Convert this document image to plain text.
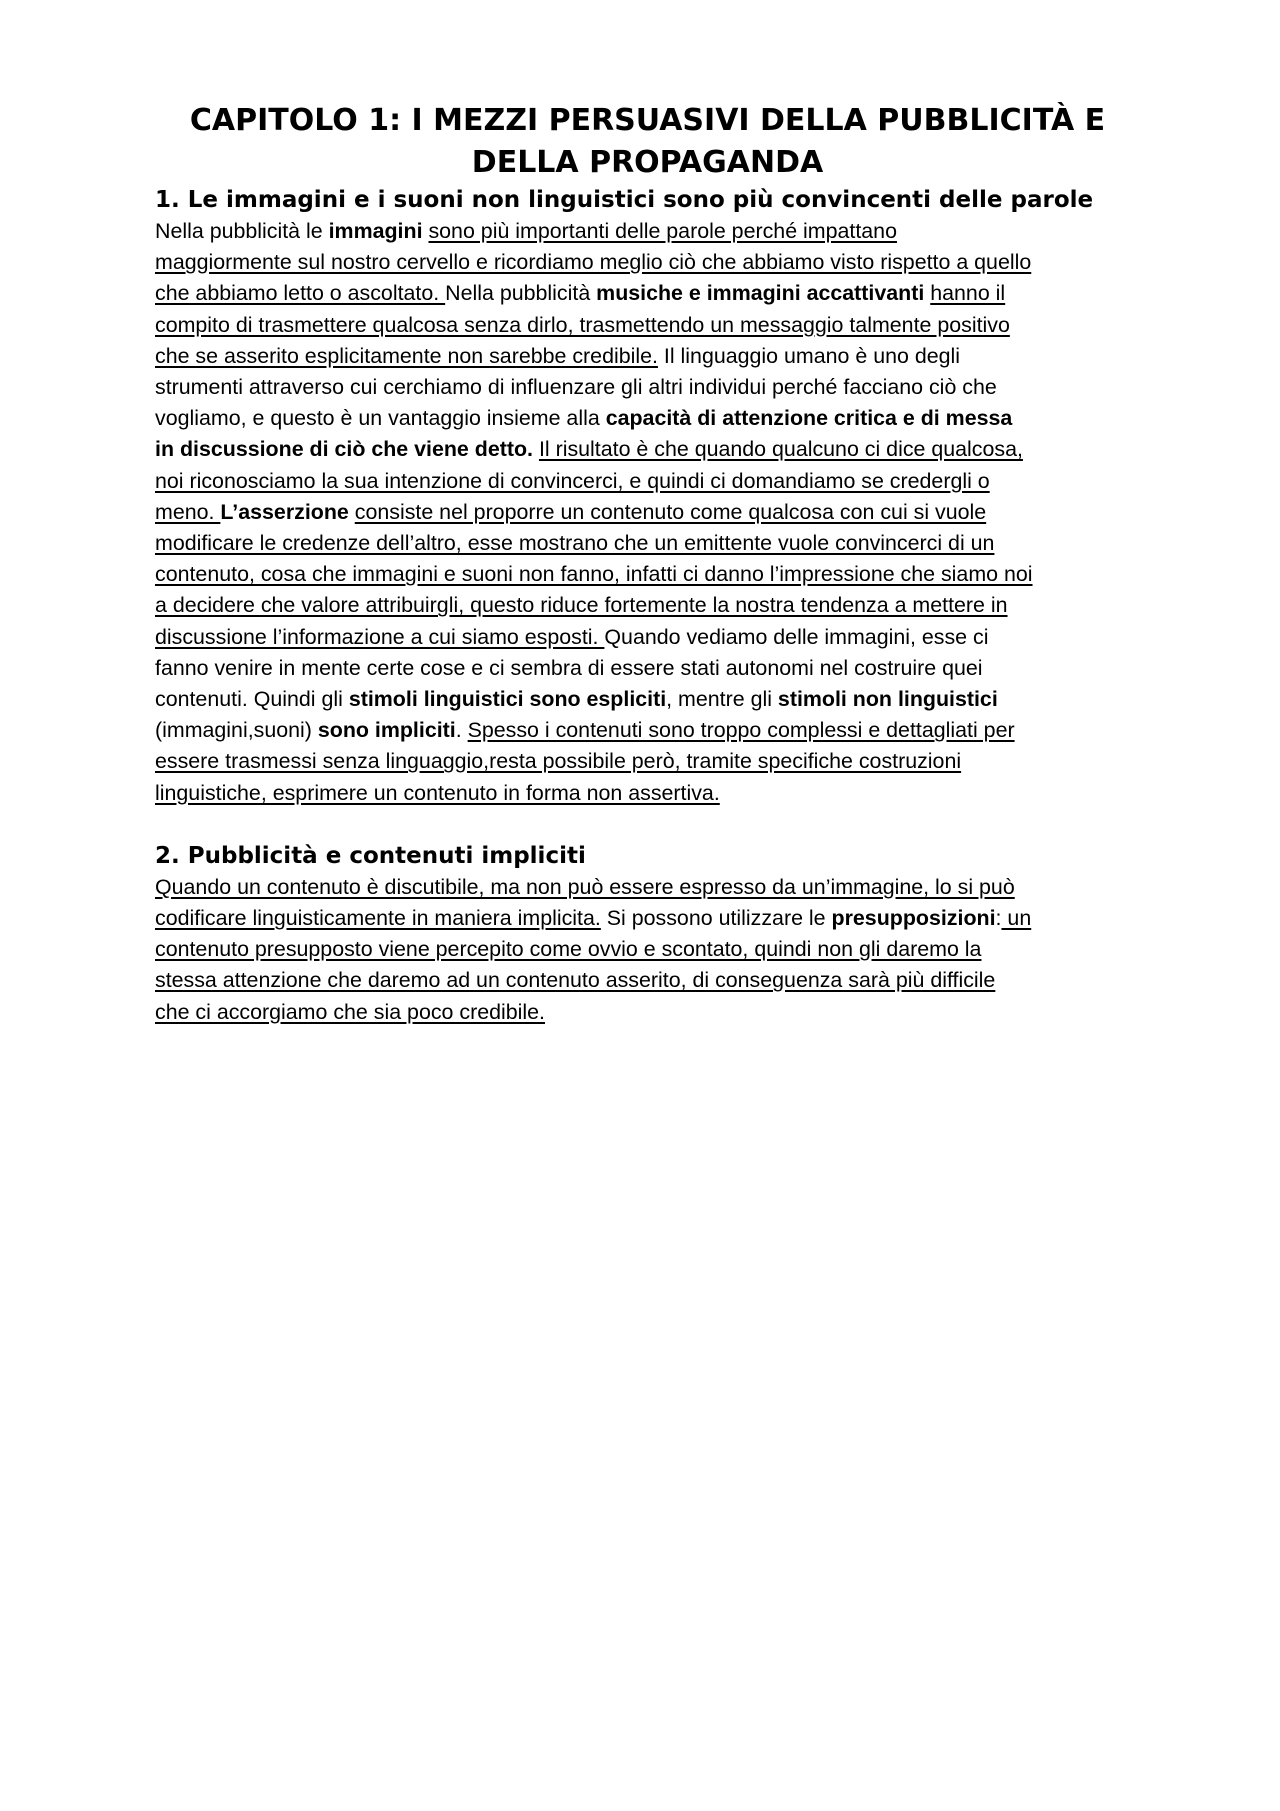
CAPITOLO 1: I MEZZI PERSUASIVI DELLA PUBBLICITÀ E
DELLA PROPAGANDA
1. Le immagini e i suoni non linguistici sono più convincenti delle parole
Nella pubblicità le immagini sono più importanti delle parole perché impattano
maggiormente sul nostro cervello e ricordiamo meglio ciò che abbiamo visto rispetto a quello
che abbiamo letto o ascoltato. Nella pubblicità musiche e immagini accattivanti hanno il
compito di trasmettere qualcosa senza dirlo, trasmettendo un messaggio talmente positivo
che se asserito esplicitamente non sarebbe credibile. Il linguaggio umano è uno degli
strumenti attraverso cui cerchiamo di influenzare gli altri individui perché facciano ciò che
vogliamo, e questo è un vantaggio insieme alla capacità di attenzione critica e di messa
in discussione di ciò che viene detto. Il risultato è che quando qualcuno ci dice qualcosa,
noi riconosciamo la sua intenzione di convincerci, e quindi ci domandiamo se credergli o
meno. L’asserzione consiste nel proporre un contenuto come qualcosa con cui si vuole
modificare le credenze dell’altro, esse mostrano che un emittente vuole convincerci di un
contenuto, cosa che immagini e suoni non fanno, infatti ci danno l’impressione che siamo noi
a decidere che valore attribuirgli, questo riduce fortemente la nostra tendenza a mettere in
discussione l’informazione a cui siamo esposti. Quando vediamo delle immagini, esse ci
fanno venire in mente certe cose e ci sembra di essere stati autonomi nel costruire quei
contenuti. Quindi gli stimoli linguistici sono espliciti, mentre gli stimoli non linguistici
(immagini,suoni) sono impliciti. Spesso i contenuti sono troppo complessi e dettagliati per
essere trasmessi senza linguaggio,resta possibile però, tramite specifiche costruzioni
linguistiche, esprimere un contenuto in forma non assertiva.
2. Pubblicità e contenuti impliciti
Quando un contenuto è discutibile, ma non può essere espresso da un’immagine, lo si può
codificare linguisticamente in maniera implicita. Si possono utilizzare le presupposizioni: un
contenuto presupposto viene percepito come ovvio e scontato, quindi non gli daremo la
stessa attenzione che daremo ad un contenuto asserito, di conseguenza sarà più difficile
che ci accorgiamo che sia poco credibile.
